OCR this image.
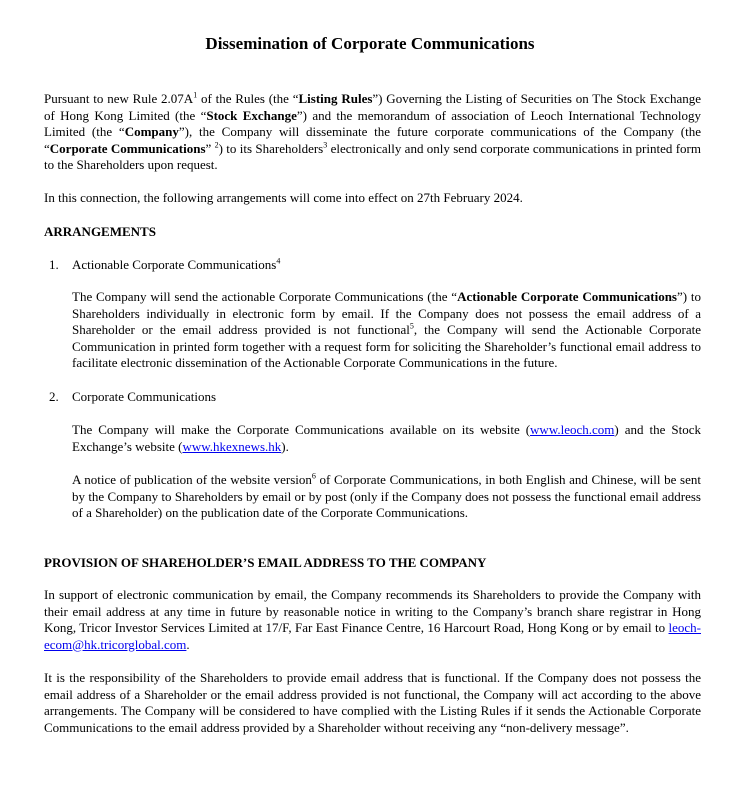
Dissemination of Corporate Communications

Pursuant to new Rule $2.07A^1$ of the Rules (the “Listing Rules”) Governing the Listing of Securities on The Stock Exchange of Hong Kong Limited (the “Stock Exchange”) and the memorandum of association of Leoch International Technology Limited (the “Company”), the Company will disseminate the future corporate communications of the Company (the “Corporate Communications” $^2$) to its Shareholders$^3$ electronically and only send corporate communications in printed form to the Shareholders upon request.

In this connection, the following arrangements will come into effect on 27th February 2024.

ARRANGEMENTS
1. Actionable Corporate Communications$^4$

The Company will send the actionable Corporate Communications (the “Actionable Corporate Communications”) to Shareholders individually in electronic form by email. If the Company does not possess the email address of a Shareholder or the email address provided is not functional$^5$, the Company will send the Actionable Corporate Communication in printed form together with a request form for soliciting the Shareholder’s functional email address to facilitate electronic dissemination of the Actionable Corporate Communications in the future.

2. Corporate Communications

The Company will make the Corporate Communications available on its website (www.leoch.com) and the Stock Exchange’s website (www.hkexnews.hk).

A notice of publication of the website version$^6$ of Corporate Communications, in both English and Chinese, will be sent by the Company to Shareholders by email or by post (only if the Company does not possess the functional email address of a Shareholder) on the publication date of the Corporate Communications.

PROVISION OF SHAREHOLDER’S EMAIL ADDRESS TO THE COMPANY

In support of electronic communication by email, the Company recommends its Shareholders to provide the Company with their email address at any time in future by reasonable notice in writing to the Company’s branch share registrar in Hong Kong, Tricor Investor Services Limited at 17/F, Far East Finance Centre, 16 Harcourt Road, Hong Kong or by email to leoch-ecom@hk.tricorglobal.com.

It is the responsibility of the Shareholders to provide email address that is functional. If the Company does not possess the email address of a Shareholder or the email address provided is not functional, the Company will act according to the above arrangements. The Company will be considered to have complied with the Listing Rules if it sends the Actionable Corporate Communications to the email address provided by a Shareholder without receiving any “non-delivery message”.
